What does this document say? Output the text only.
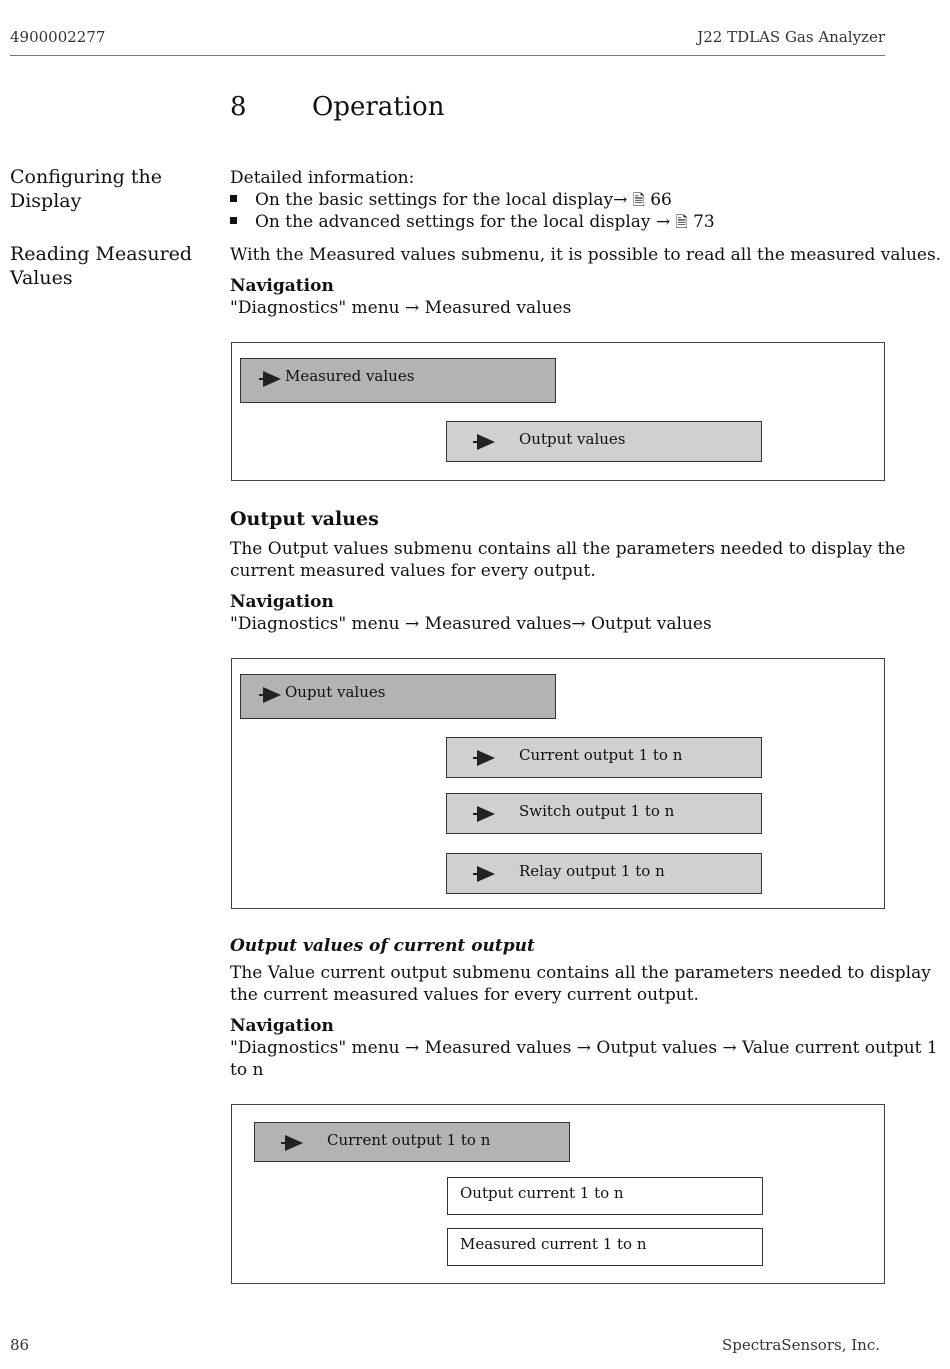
4900002277	J22 TDLAS Gas Analyzer
8	Operation
Configuring the
Display
Detailed information:
On the basic settings for the local display→ 🗎 66
On the advanced settings for the local display → 🗎 73
Reading Measured
Values
With the Measured values submenu, it is possible to read all the measured values.
Navigation
"Diagnostics" menu → Measured values
Measured values
Output values
Output values
The Output values submenu contains all the parameters needed to display the
current measured values for every output.
Navigation
"Diagnostics" menu → Measured values→ Output values
Ouput values
Current output 1 to n
Switch output 1 to n
Relay output 1 to n
Output values of current output
The Value current output submenu contains all the parameters needed to display
the current measured values for every current output.
Navigation
"Diagnostics" menu → Measured values → Output values → Value current output 1
to n
Current output 1 to n
Output current 1 to n
Measured current 1 to n
86	SpectraSensors, Inc.
